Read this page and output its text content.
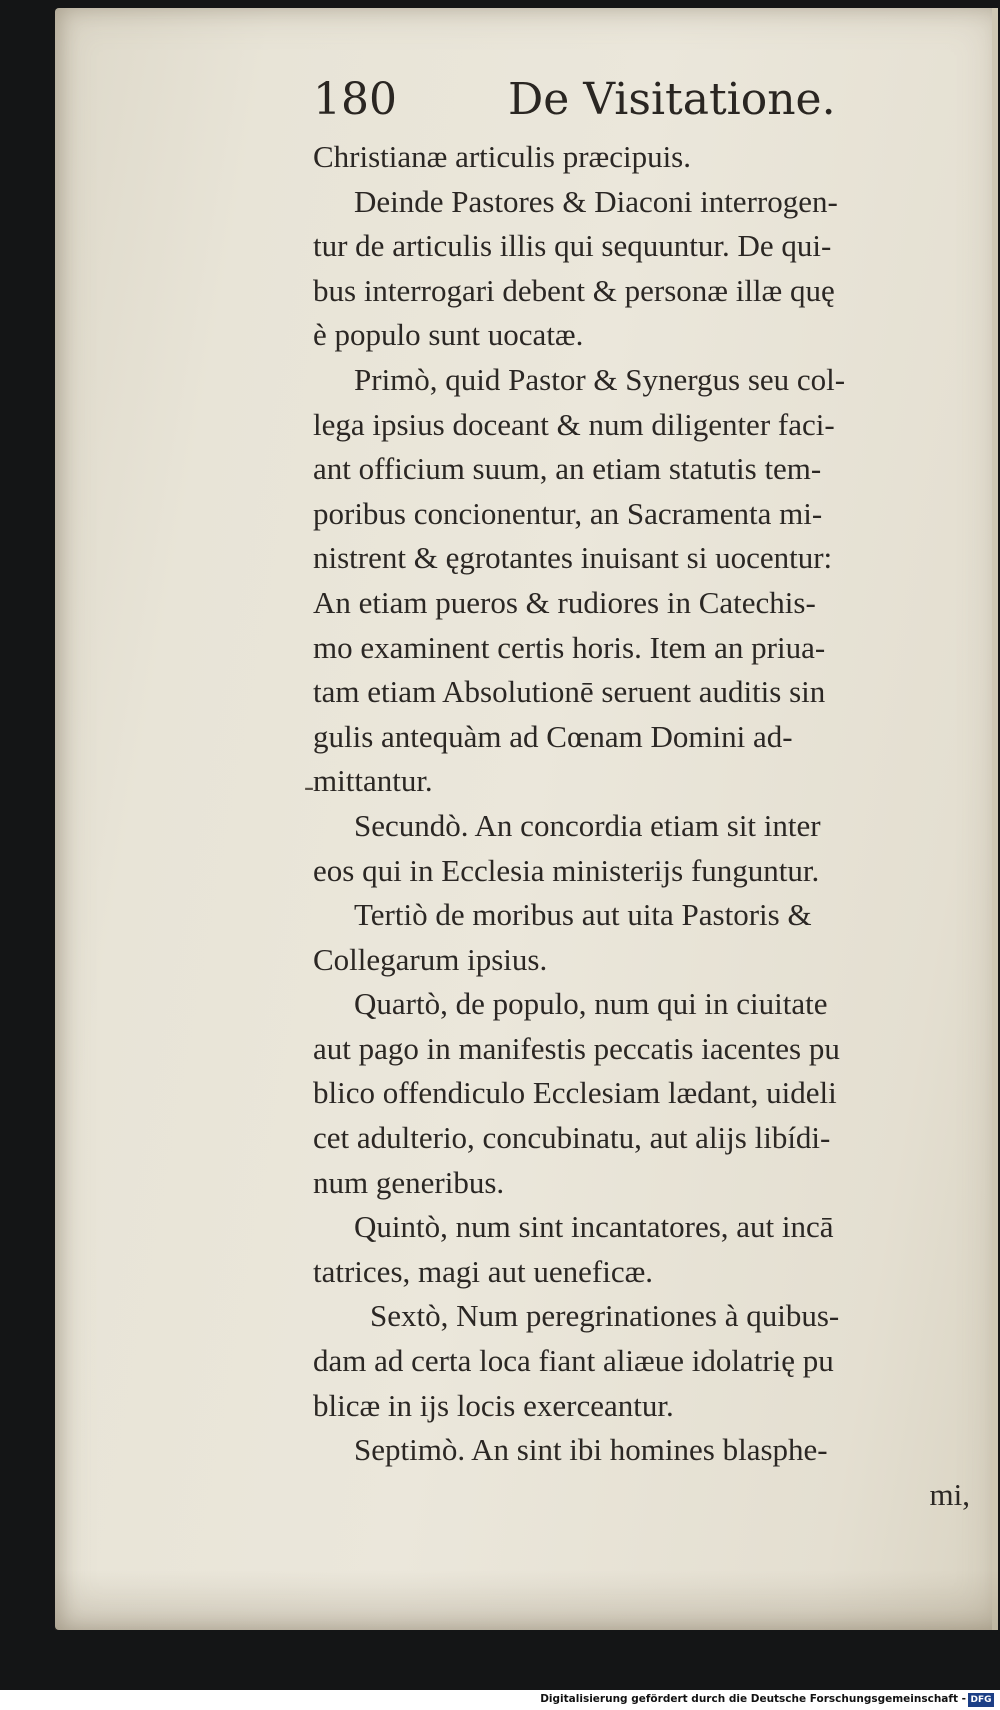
180	De Visitatione.
-
Christianæ articulis præcipuis.
Deinde Pastores & Diaconi interrogen-
tur de articulis illis qui sequuntur. De qui-
bus interrogari debent & personæ illæ quę
è populo sunt uocatæ.
Primò, quid Pastor & Synergus seu col-
lega ipsius doceant & num diligenter faci-
ant officium suum, an etiam statutis tem-
poribus concionentur, an Sacramenta mi-
nistrent & ęgrotantes inuisant si uocentur:
An etiam pueros & rudiores in Catechis-
mo examinent certis horis. Item an priua-
tam etiam Absolutionē seruent auditis sin
gulis antequàm ad Cœnam Domini ad-
mittantur.
Secundò. An concordia etiam sit inter
eos qui in Ecclesia ministerijs funguntur.
Tertiò de moribus aut uita Pastoris &
Collegarum ipsius.
Quartò, de populo, num qui in ciuitate
aut pago in manifestis peccatis iacentes pu
blico offendiculo Ecclesiam lædant, uideli
cet adulterio, concubinatu, aut alijs libídi-
num generibus.
Quintò, num sint incantatores, aut incā
tatrices, magi aut ueneficæ.
Sextò, Num peregrinationes à quibus-
dam ad certa loca fiant aliæue idolatrię pu
blicæ in ijs locis exerceantur.
Septimò. An sint ibi homines blasphe-
mi,
Digitalisierung gefördert durch die Deutsche Forschungsgemeinschaft - DFG
